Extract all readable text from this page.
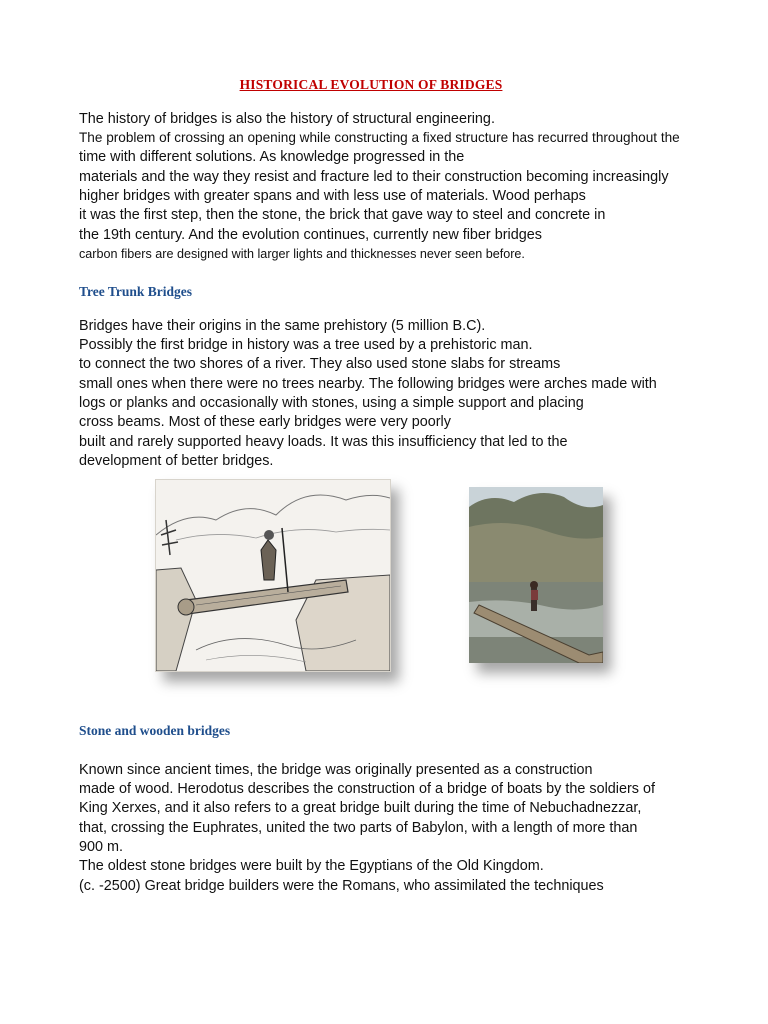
HISTORICAL EVOLUTION OF BRIDGES
The history of bridges is also the history of structural engineering.
The problem of crossing an opening while constructing a fixed structure has recurred throughout the
time with different solutions. As knowledge progressed in the
materials and the way they resist and fracture led to their construction becoming increasingly
higher bridges with greater spans and with less use of materials. Wood perhaps
it was the first step, then the stone, the brick that gave way to steel and concrete in
the 19th century. And the evolution continues, currently new fiber bridges
carbon fibers are designed with larger lights and thicknesses never seen before.
Tree Trunk Bridges
Bridges have their origins in the same prehistory (5 million B.C).
Possibly the first bridge in history was a tree used by a prehistoric man.
to connect the two shores of a river. They also used stone slabs for streams
small ones when there were no trees nearby. The following bridges were arches made with
logs or planks and occasionally with stones, using a simple support and placing
cross beams. Most of these early bridges were very poorly
built and rarely supported heavy loads. It was this insufficiency that led to the
development of better bridges.
Stone and wooden bridges
Known since ancient times, the bridge was originally presented as a construction
made of wood. Herodotus describes the construction of a bridge of boats by the soldiers of
King Xerxes, and it also refers to a great bridge built during the time of Nebuchadnezzar,
that, crossing the Euphrates, united the two parts of Babylon, with a length of more than
900 m.
The oldest stone bridges were built by the Egyptians of the Old Kingdom.
(c. -2500) Great bridge builders were the Romans, who assimilated the techniques
